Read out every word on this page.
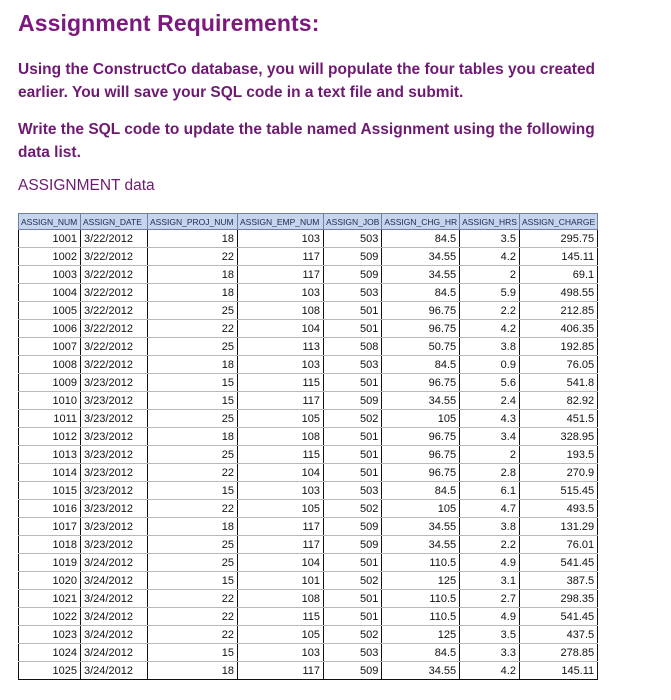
Assignment Requirements:

Using the ConstructCo database, you will populate the four tables you created earlier. You will save your SQL code in a text file and submit.

Write the SQL code to update the table named Assignment using the following data list.

ASSIGNMENT data
ASSIGN_NUM	ASSIGN_DATE	ASSIGN_PROJ_NUM	ASSIGN_EMP_NUM	ASSIGN_JOB	ASSIGN_CHG_HR	ASSIGN_HRS	ASSIGN_CHARGE
1001	3/22/2012	18	103	503	84.5	3.5	295.75
1002	3/22/2012	22	117	509	34.55	4.2	145.11
1003	3/22/2012	18	117	509	34.55	2	69.1
1004	3/22/2012	18	103	503	84.5	5.9	498.55
1005	3/22/2012	25	108	501	96.75	2.2	212.85
1006	3/22/2012	22	104	501	96.75	4.2	406.35
1007	3/22/2012	25	113	508	50.75	3.8	192.85
1008	3/22/2012	18	103	503	84.5	0.9	76.05
1009	3/23/2012	15	115	501	96.75	5.6	541.8
1010	3/23/2012	15	117	509	34.55	2.4	82.92
1011	3/23/2012	25	105	502	105	4.3	451.5
1012	3/23/2012	18	108	501	96.75	3.4	328.95
1013	3/23/2012	25	115	501	96.75	2	193.5
1014	3/23/2012	22	104	501	96.75	2.8	270.9
1015	3/23/2012	15	103	503	84.5	6.1	515.45
1016	3/23/2012	22	105	502	105	4.7	493.5
1017	3/23/2012	18	117	509	34.55	3.8	131.29
1018	3/23/2012	25	117	509	34.55	2.2	76.01
1019	3/24/2012	25	104	501	110.5	4.9	541.45
1020	3/24/2012	15	101	502	125	3.1	387.5
1021	3/24/2012	22	108	501	110.5	2.7	298.35
1022	3/24/2012	22	115	501	110.5	4.9	541.45
1023	3/24/2012	22	105	502	125	3.5	437.5
1024	3/24/2012	15	103	503	84.5	3.3	278.85
1025	3/24/2012	18	117	509	34.55	4.2	145.11
